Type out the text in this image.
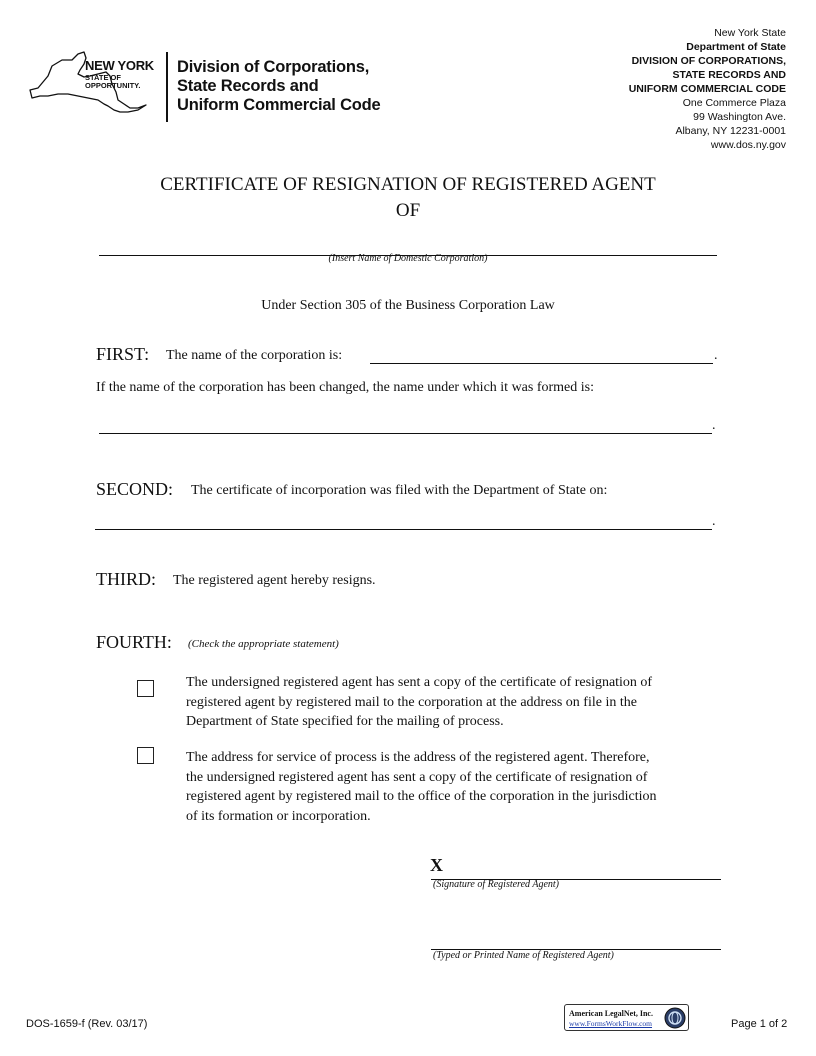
NEW YORK
STATE OF
OPPORTUNITY.
Division of Corporations,
State Records and
Uniform Commercial Code
New York State
Department of State
DIVISION OF CORPORATIONS,
STATE RECORDS AND
UNIFORM COMMERCIAL CODE
One Commerce Plaza
99 Washington Ave.
Albany, NY 12231-0001
www.dos.ny.gov
CERTIFICATE OF RESIGNATION OF REGISTERED AGENT
OF
(Insert Name of Domestic Corporation)
Under Section 305 of the Business Corporation Law
FIRST: The name of the corporation is:	.
If the name of the corporation has been changed, the name under which it was formed is:
.
SECOND: The certificate of incorporation was filed with the Department of State on:
.
THIRD: The registered agent hereby resigns.
FOURTH: (Check the appropriate statement)
The undersigned registered agent has sent a copy of the certificate of resignation of
registered agent by registered mail to the corporation at the address on file in the
Department of State specified for the mailing of process.
The address for service of process is the address of the registered agent. Therefore,
the undersigned registered agent has sent a copy of the certificate of resignation of
registered agent by registered mail to the office of the corporation in the jurisdiction
of its formation or incorporation.
X
(Signature of Registered Agent)
(Typed or Printed Name of Registered Agent)
DOS-1659-f (Rev. 03/17)
American LegalNet, Inc.
www.FormsWorkFlow.com	Page 1 of 2
